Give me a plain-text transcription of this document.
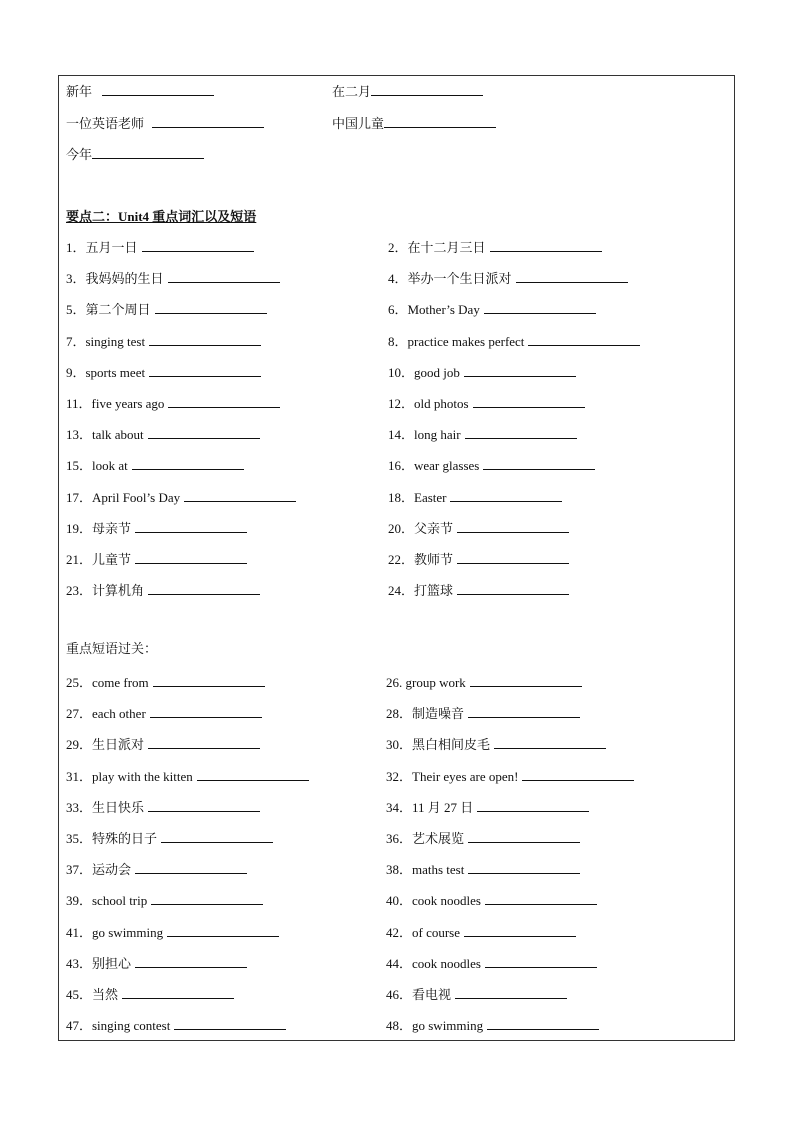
新年	在二月
一位英语老师	中国儿童
今年
要点二：Unit4 重点词汇以及短语
1．五月一日	2．在十二月三日
3．我妈妈的生日	4．举办一个生日派对
5．第二个周日	6．Mother’s Day
7．singing test	8．practice makes perfect
9．sports meet	10．good job
11．five years ago	12．old photos
13．talk about	14．long hair
15．look at	16．wear glasses
17．April Fool’s Day	18．Easter
19．母亲节	20．父亲节
21．儿童节	22．教师节
23．计算机角	24．打篮球
重点短语过关：
25．come from	26. group work
27．each other	28．制造噪音
29．生日派对	30．黑白相间皮毛
31．play with the kitten	32．Their eyes are open!
33．生日快乐	34．11 月 27 日
35．特殊的日子	36．艺术展览
37．运动会	38．maths test
39．school trip	40．cook noodles
41．go swimming	42．of course
43．别担心	44．cook noodles
45．当然	46．看电视
47．singing contest	48．go swimming
